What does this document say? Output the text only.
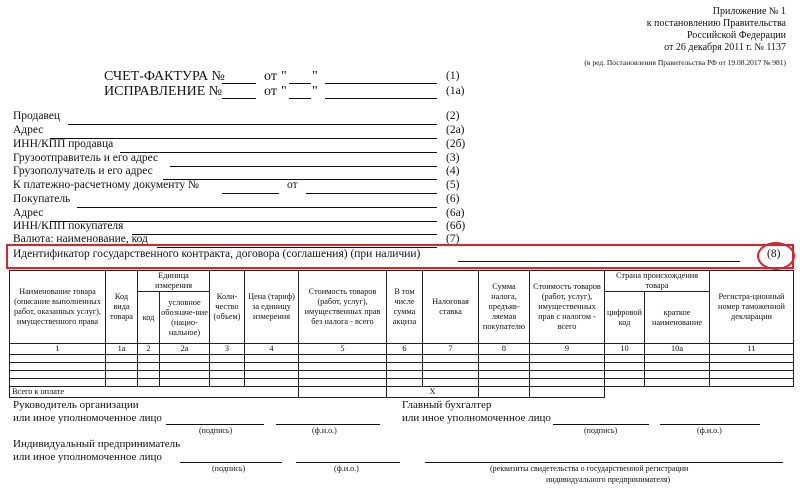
Приложение № 1
к постановлению Правительства
Российской Федерации
от 26 декабря 2011 г. № 1137
(в ред. Постановления Правительства РФ от 19.08.2017 № 981)
СЧЕТ-ФАКТУРА №	от " "	(1)
ИСПРАВЛЕНИЕ №	от " "	(1а)
Продавец	(2)
Адрес	(2а)
ИНН/КПП продавца	(2б)
Грузоотправитель и его адрес	(3)
Грузополучатель и его адрес	(4)
К платежно-расчетному документу №	от	(5)
Покупатель	(6)
Адрес	(6а)
ИНН/КПП покупателя	(6б)
Валюта: наименование, код	(7)
Идентификатор государственного контракта, договора (соглашения) (при наличии)	(8)
Наименование товара (описание выполненных работ, оказанных услуг), имущественного права	Код вида товара	Единица измерения		Коли-чество (объем)	Цена (тариф) за единицу измерения	Стоимость товаров (работ, услуг), имущественных прав без налога - всего	В том числе сумма акциза	Налоговая ставка	Сумма налога, предъяв-ляемая покупателю	Стоимость товаров (работ, услуг), имущественных прав с налогом - всего	Страна происхождения товара		Регистра-ционный номер таможенной декларации
		код	условное обозначе-ние (нацио-нальное)								цифровой код	краткое наименование	
1	1а	2	2а	3	4	5	6	7	8	9	10	10а	11

Всего к оплате							X						
Руководитель организации
или иное уполномоченное лицо
(подпись)	(ф.и.о.)
Главный бухгалтер
или иное уполномоченное лицо
(подпись)	(ф.и.о.)
Индивидуальный предприниматель
или иное уполномоченное лицо
(подпись)	(ф.и.о.)	(реквизиты свидетельства о государственной регистрации
индивидуального предпринимателя)
